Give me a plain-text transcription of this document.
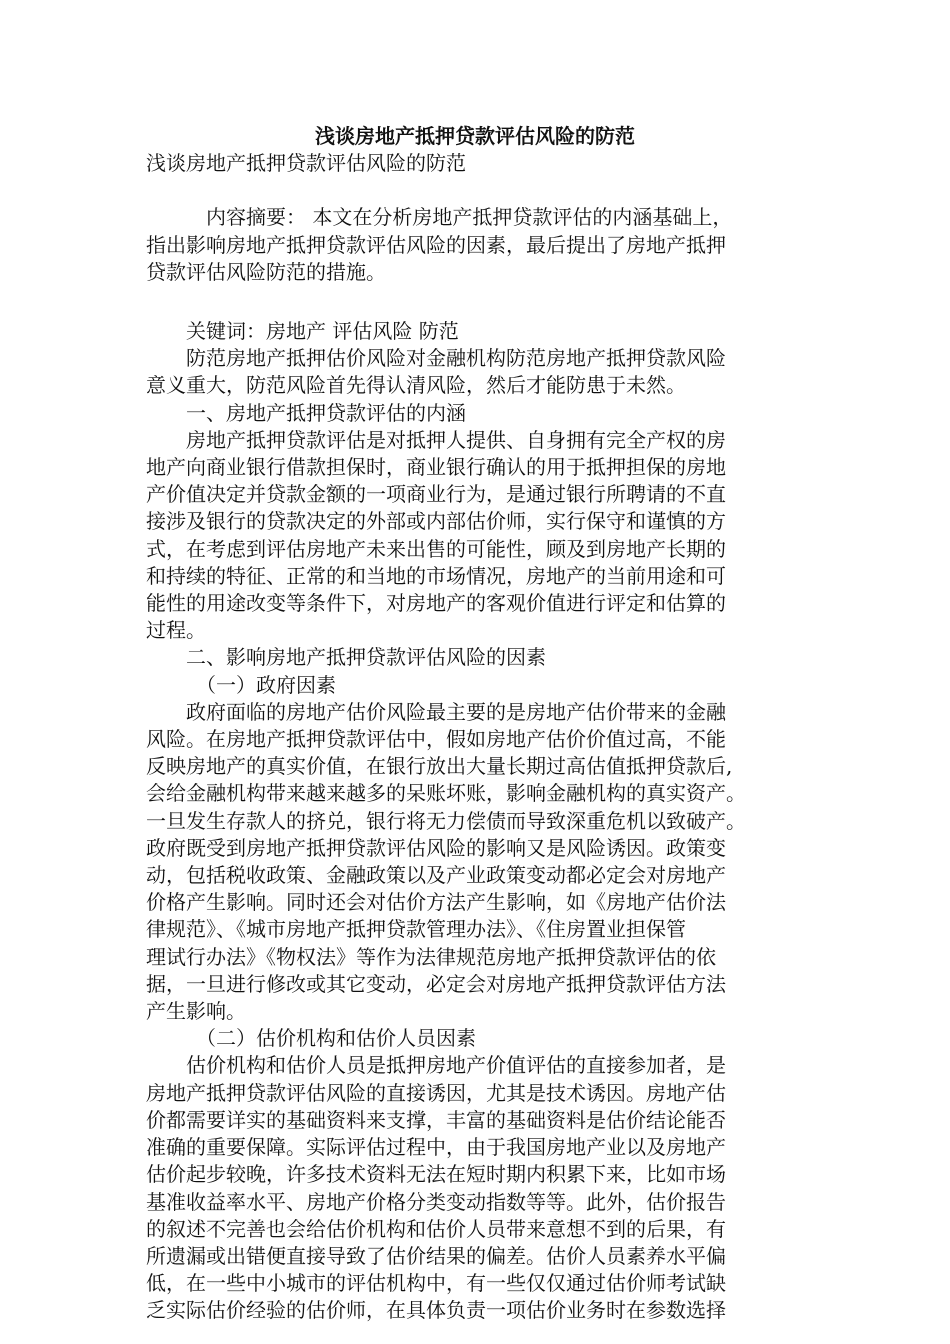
浅谈房地产抵押贷款评估风险的防范

浅谈房地产抵押贷款评估风险的防范

内容摘要： 本文在分析房地产抵押贷款评估的内涵基础上，

指出影响房地产抵押贷款评估风险的因素，最后提出了房地产抵押

贷款评估风险防范的措施。

关键词：房地产 评估风险 防范

防范房地产抵押估价风险对金融机构防范房地产抵押贷款风险

意义重大，防范风险首先得认清风险，然后才能防患于未然。

一、房地产抵押贷款评估的内涵

房地产抵押贷款评估是对抵押人提供、自身拥有完全产权的房

地产向商业银行借款担保时，商业银行确认的用于抵押担保的房地

产价值决定并贷款金额的一项商业行为，是通过银行所聘请的不直

接涉及银行的贷款决定的外部或内部估价师，实行保守和谨慎的方

式，在考虑到评估房地产未来出售的可能性，顾及到房地产长期的

和持续的特征、正常的和当地的市场情况，房地产的当前用途和可

能性的用途改变等条件下，对房地产的客观价值进行评定和估算的

过程。

二、影响房地产抵押贷款评估风险的因素

（一）政府因素

政府面临的房地产估价风险最主要的是房地产估价带来的金融

风险。在房地产抵押贷款评估中，假如房地产估价价值过高，不能

反映房地产的真实价值，在银行放出大量长期过高估值抵押贷款后,

会给金融机构带来越来越多的呆账坏账，影响金融机构的真实资产。

一旦发生存款人的挤兑，银行将无力偿债而导致深重危机以致破产。

政府既受到房地产抵押贷款评估风险的影响又是风险诱因。政策变

动，包括税收政策、金融政策以及产业政策变动都必定会对房地产

价格产生影响。同时还会对估价方法产生影响，如《房地产估价法

律规范》、《城市房地产抵押贷款管理办法》、《住房置业担保管

理试行办法》《物权法》等作为法律规范房地产抵押贷款评估的依

据，一旦进行修改或其它变动，必定会对房地产抵押贷款评估方法

产生影响。

（二）估价机构和估价人员因素

估价机构和估价人员是抵押房地产价值评估的直接参加者，是

房地产抵押贷款评估风险的直接诱因，尤其是技术诱因。房地产估

价都需要详实的基础资料来支撑，丰富的基础资料是估价结论能否

准确的重要保障。实际评估过程中，由于我国房地产业以及房地产

估价起步较晚，许多技术资料无法在短时期内积累下来，比如市场

基准收益率水平、房地产价格分类变动指数等等。此外，估价报告

的叙述不完善也会给估价机构和估价人员带来意想不到的后果，有

所遗漏或出错便直接导致了估价结果的偏差。估价人员素养水平偏

低，在一些中小城市的评估机构中，有一些仅仅通过估价师考试缺

乏实际估价经验的估价师，在具体负责一项估价业务时在参数选择
